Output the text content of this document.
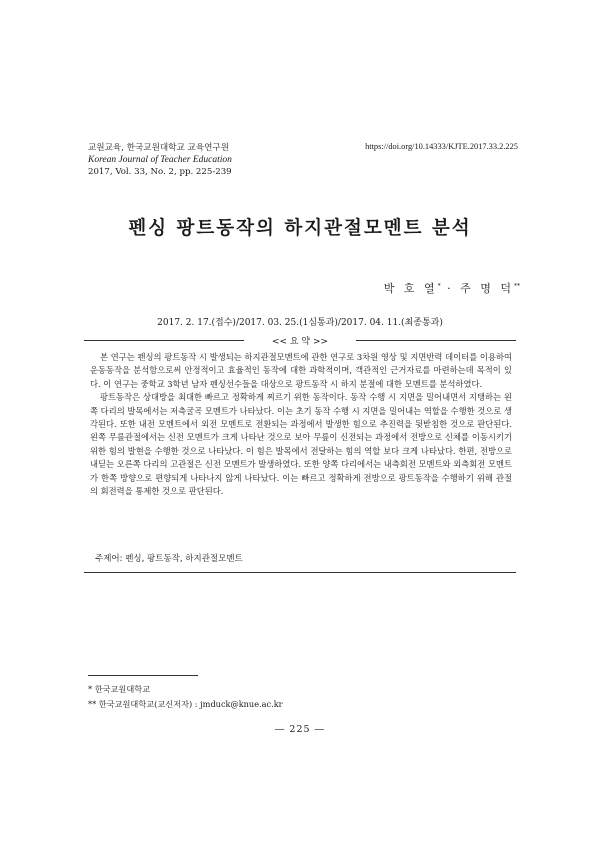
교원교육, 한국교원대학교 교육연구원
Korean Journal of Teacher Education
2017, Vol. 33, No. 2, pp. 225-239
https://doi.org/10.14333/KJTE.2017.33.2.225
펜싱 팡트동작의 하지관절모멘트 분석
박 호 열* · 주 명 덕**
2017. 2. 17.(접수)/2017. 03. 25.(1심통과)/2017. 04. 11.(최종통과)
<< 요 약 >>

본 연구는 펜싱의 팡트동작 시 발생되는 하지관절모멘트에 관한 연구로 3차원 영상 및 지면반력 데이터를 이용하여 운동동작을 분석함으로써 안정적이고 효율적인 동작에 대한 과학적이며, 객관적인 근거자료를 마련하는데 목적이 있다. 이 연구는 중학교 3학년 남자 펜싱선수들을 대상으로 팡트동작 시 하지 분절에 대한 모멘트를 분석하였다.

팡트동작은 상대방을 최대한 빠르고 정확하게 찌르기 위한 동작이다. 동작 수행 시 지면을 밀어내면서 지탱하는 왼쪽 다리의 발목에서는 저측굴곡 모멘트가 나타났다. 이는 초기 동작 수행 시 지면을 밀어내는 역할을 수행한 것으로 생각된다. 또한 내전 모멘트에서 외전 모멘트로 전환되는 과정에서 발생한 힘으로 추진력을 뒷받침한 것으로 판단된다. 왼쪽 무릎관절에서는 신전 모멘트가 크게 나타난 것으로 보아 무릎이 신전되는 과정에서 전방으로 신체를 이동시키기 위한 힘의 발현을 수행한 것으로 나타났다. 이 힘은 발목에서 전달하는 힘의 역할 보다 크게 나타났다. 한편, 전방으로 내딛는 오른쪽 다리의 고관절은 신전 모멘트가 발생하였다. 또한 양쪽 다리에서는 내측회전 모멘트와 외측회전 모멘트가 한쪽 방향으로 편향되게 나타나지 않게 나타났다. 이는 빠르고 정확하게 전방으로 팡트동작을 수행하기 위해 관절의 회전력을 통제한 것으로 판단된다.

주제어: 펜싱, 팡트동작, 하지관절모멘트
* 한국교원대학교
** 한국교원대학교(교신저자) : jmduck@knue.ac.kr
― 225 ―
